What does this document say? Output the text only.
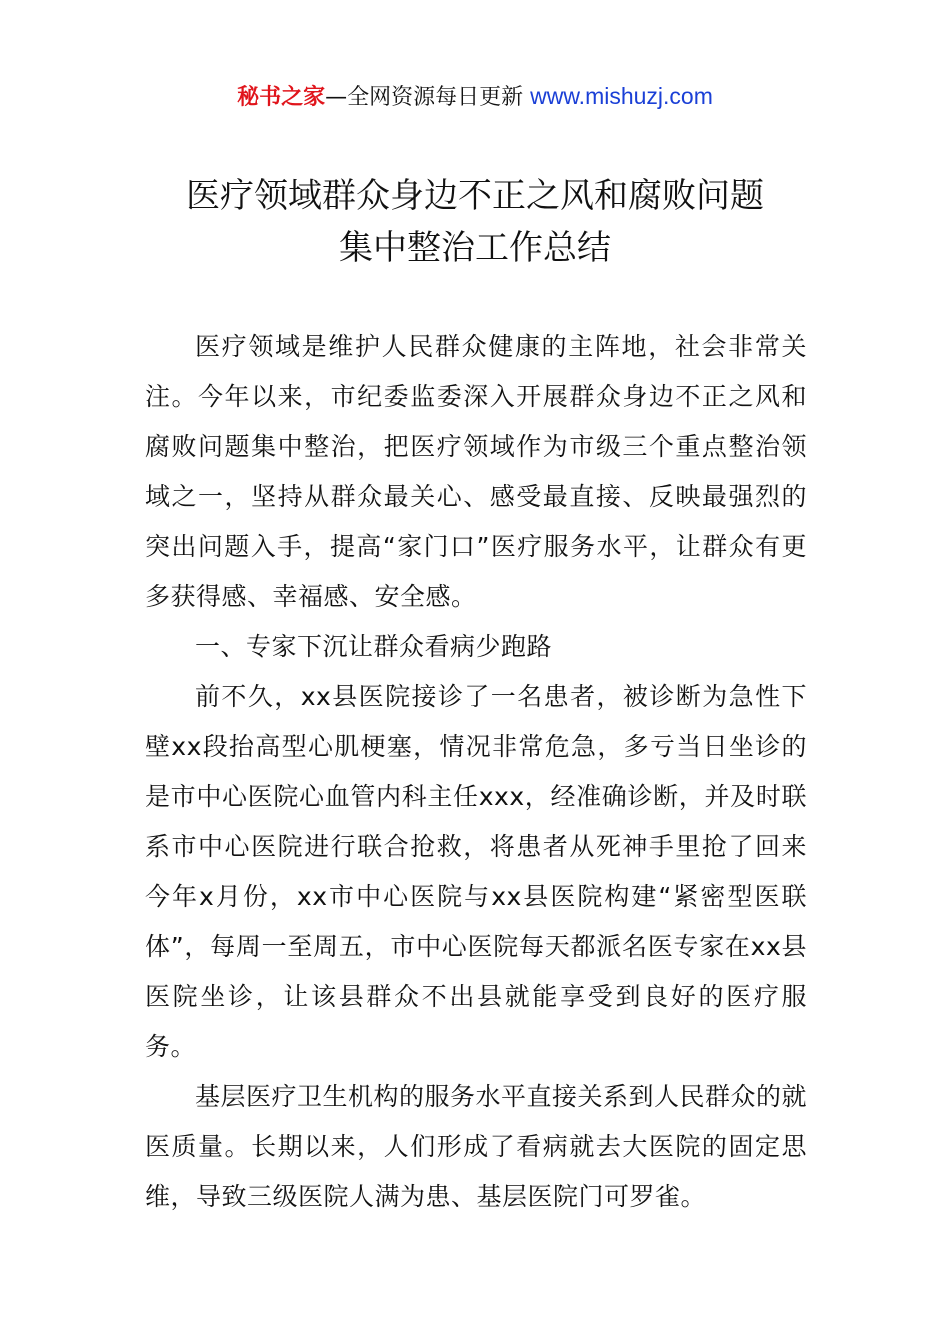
秘书之家—全网资源每日更新 www.mishuzj.com
医疗领域群众身边不正之风和腐败问题
集中整治工作总结

医疗领域是维护人民群众健康的主阵地，社会非常关注。今年以来，市纪委监委深入开展群众身边不正之风和腐败问题集中整治，把医疗领域作为市级三个重点整治领域之一，坚持从群众最关心、感受最直接、反映最强烈的突出问题入手，提高“家门口”医疗服务水平，让群众有更多获得感、幸福感、安全感。

一、专家下沉让群众看病少跑路

前不久，xx县医院接诊了一名患者，被诊断为急性下壁xx段抬高型心肌梗塞，情况非常危急，多亏当日坐诊的是市中心医院心血管内科主任xxx，经准确诊断，并及时联系市中心医院进行联合抢救，将患者从死神手里抢了回来今年x月份，xx市中心医院与xx县医院构建“紧密型医联体”，每周一至周五，市中心医院每天都派名医专家在xx县医院坐诊，让该县群众不出县就能享受到良好的医疗服务。

基层医疗卫生机构的服务水平直接关系到人民群众的就医质量。长期以来，人们形成了看病就去大医院的固定思维，导致三级医院人满为患、基层医院门可罗雀。
